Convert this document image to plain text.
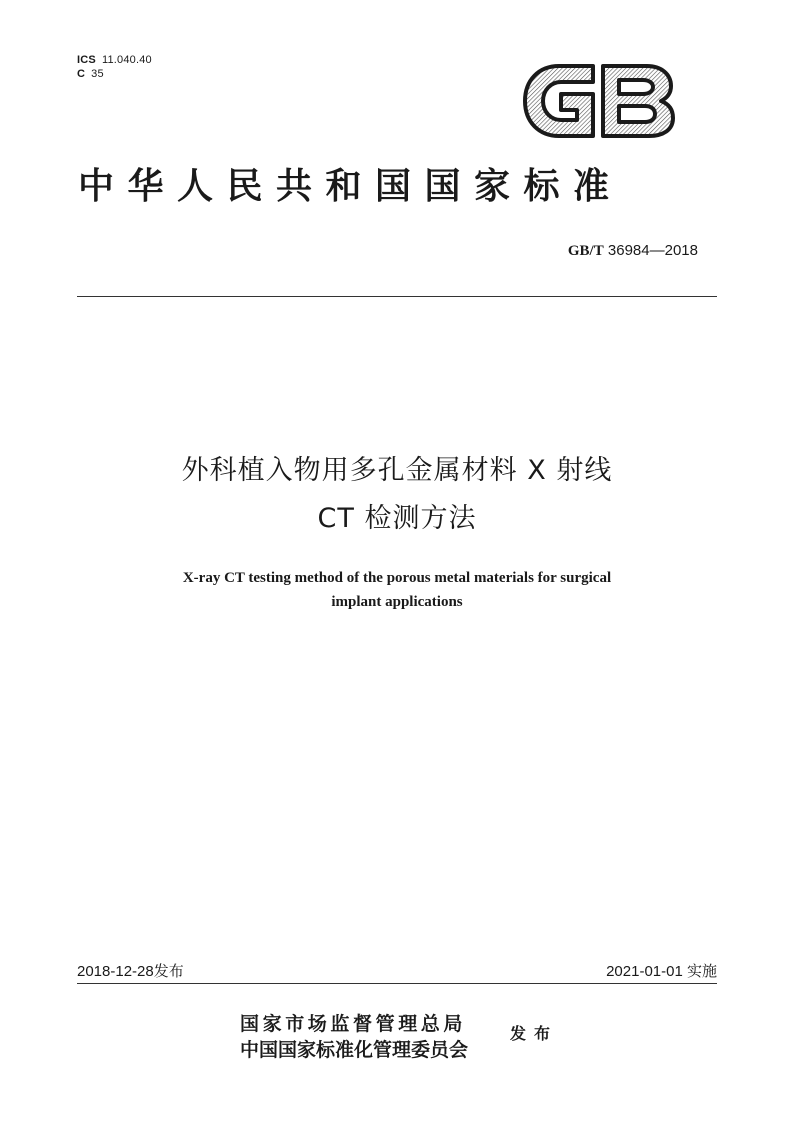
ICS 11.040.40
C 35
中华人民共和国国家标准
GB/T 36984—2018
外科植入物用多孔金属材料 X 射线
CT 检测方法
X-ray CT testing method of the porous metal materials for surgical
implant applications
2018-12-28发布	2021-01-01 实施
国家市场监督管理总局
中国国家标准化管理委员会
发布
